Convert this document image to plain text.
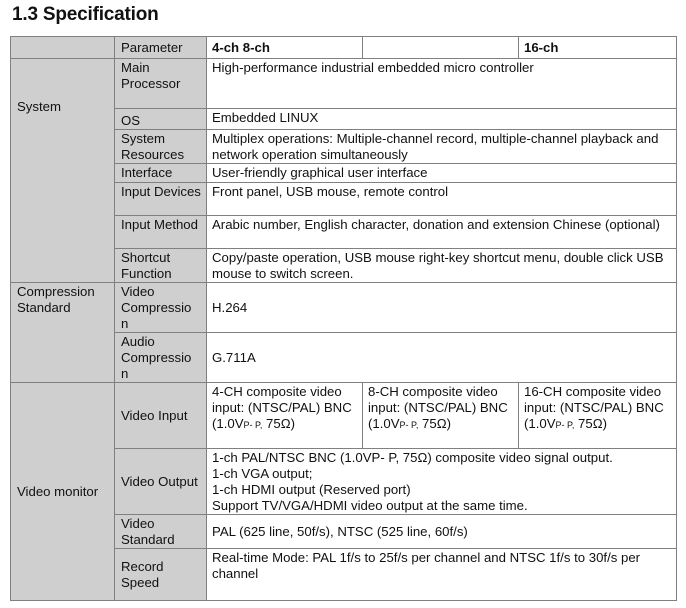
1.3 Specification
	Parameter	4-ch 8-ch		16-ch
System	Main Processor	High-performance industrial embedded micro controller		
	OS	Embedded LINUX		
	System Resources	Multiplex operations: Multiple-channel record, multiple-channel playback and network operation simultaneously		
	Interface	User-friendly graphical user interface		
	Input Devices	Front panel, USB mouse, remote control		
	Input Method	Arabic number, English character, donation and extension Chinese (optional)		
	Shortcut Function	Copy/paste operation, USB mouse right-key shortcut menu, double click USB mouse to switch screen.		
Compression Standard	Video Compressio n	H.264		
	Audio Compressio n	G.711A		
Video monitor	Video Input	4-CH composite video input: (NTSC/PAL) BNC (1.0VP- P, 75Ω)	8-CH composite video input: (NTSC/PAL) BNC (1.0VP- P, 75Ω)	16-CH composite video input: (NTSC/PAL) BNC (1.0VP- P, 75Ω)
	Video Output	1-ch PAL/NTSC BNC (1.0VP- P, 75Ω) composite video signal output.
1-ch VGA output;
1-ch HDMI output (Reserved port)
Support TV/VGA/HDMI video output at the same time.		

	Video Standard	PAL (625 line, 50f/s), NTSC (525 line, 60f/s)		
	Record Speed	Real-time Mode: PAL 1f/s to 25f/s per channel and NTSC 1f/s to 30f/s per channel		
